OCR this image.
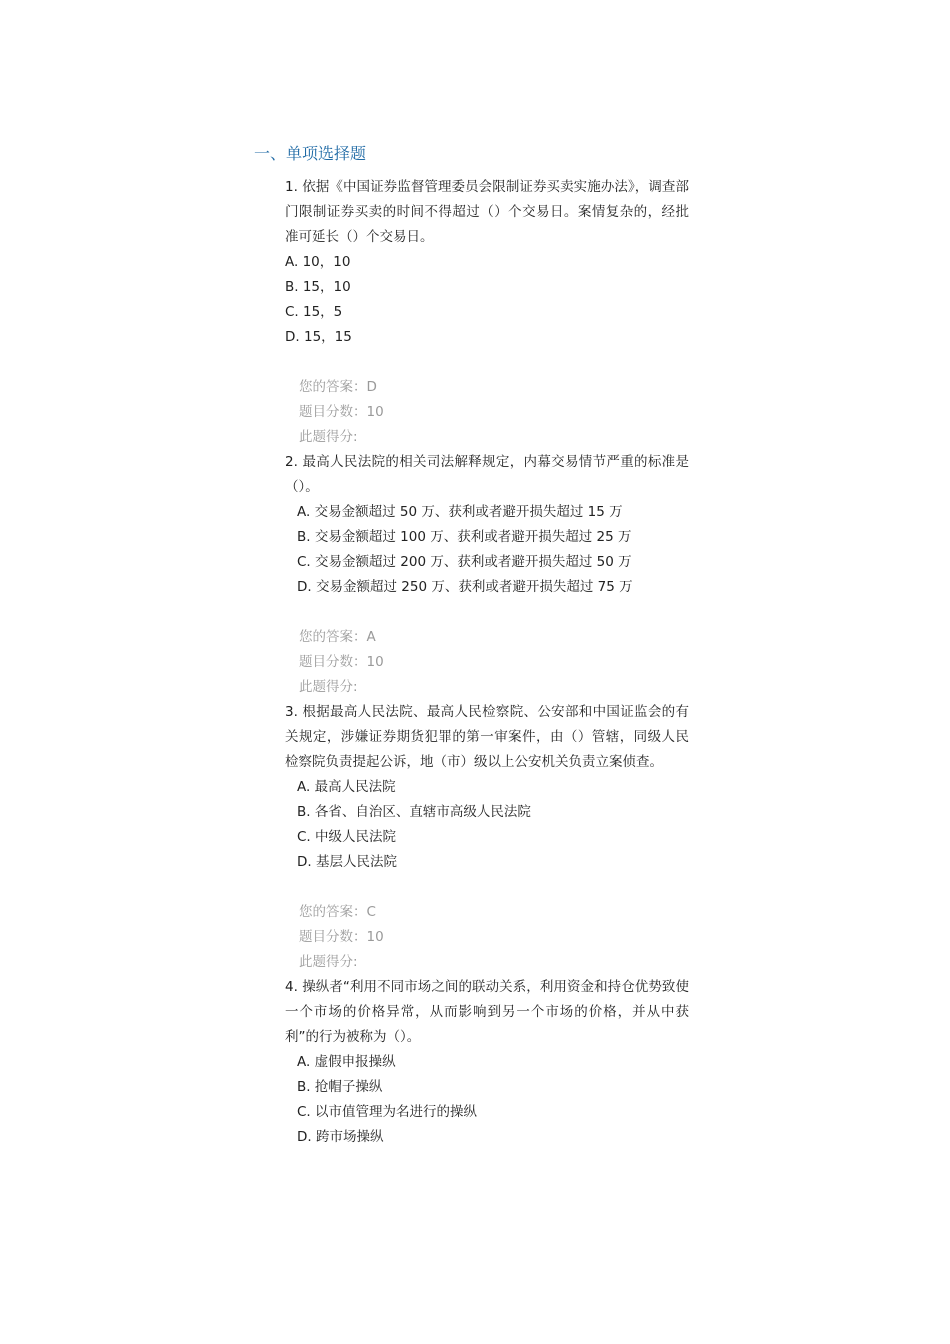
一、单项选择题

1. 依据《中国证券监督管理委员会限制证券买卖实施办法》，调查部门限制证券买卖的时间不得超过（）个交易日。案情复杂的，经批准可延长（）个交易日。

A. 10，10
B. 15，10
C. 15，5
D. 15，15
您的答案：D
题目分数：10
此题得分:

2. 最高人民法院的相关司法解释规定，内幕交易情节严重的标准是（）。

A. 交易金额超过 50 万、获利或者避开损失超过 15 万
B. 交易金额超过 100 万、获利或者避开损失超过 25 万
C. 交易金额超过 200 万、获利或者避开损失超过 50 万
D. 交易金额超过 250 万、获利或者避开损失超过 75 万
您的答案：A
题目分数：10
此题得分:

3. 根据最高人民法院、最高人民检察院、公安部和中国证监会的有关规定，涉嫌证券期货犯罪的第一审案件，由（）管辖，同级人民检察院负责提起公诉，地（市）级以上公安机关负责立案侦查。

A. 最高人民法院
B. 各省、自治区、直辖市高级人民法院
C. 中级人民法院
D. 基层人民法院
您的答案：C
题目分数：10
此题得分:

4. 操纵者“利用不同市场之间的联动关系，利用资金和持仓优势致使一个市场的价格异常，从而影响到另一个市场的价格，并从中获利”的行为被称为（）。

A. 虚假申报操纵
B. 抢帽子操纵
C. 以市值管理为名进行的操纵
D. 跨市场操纵
